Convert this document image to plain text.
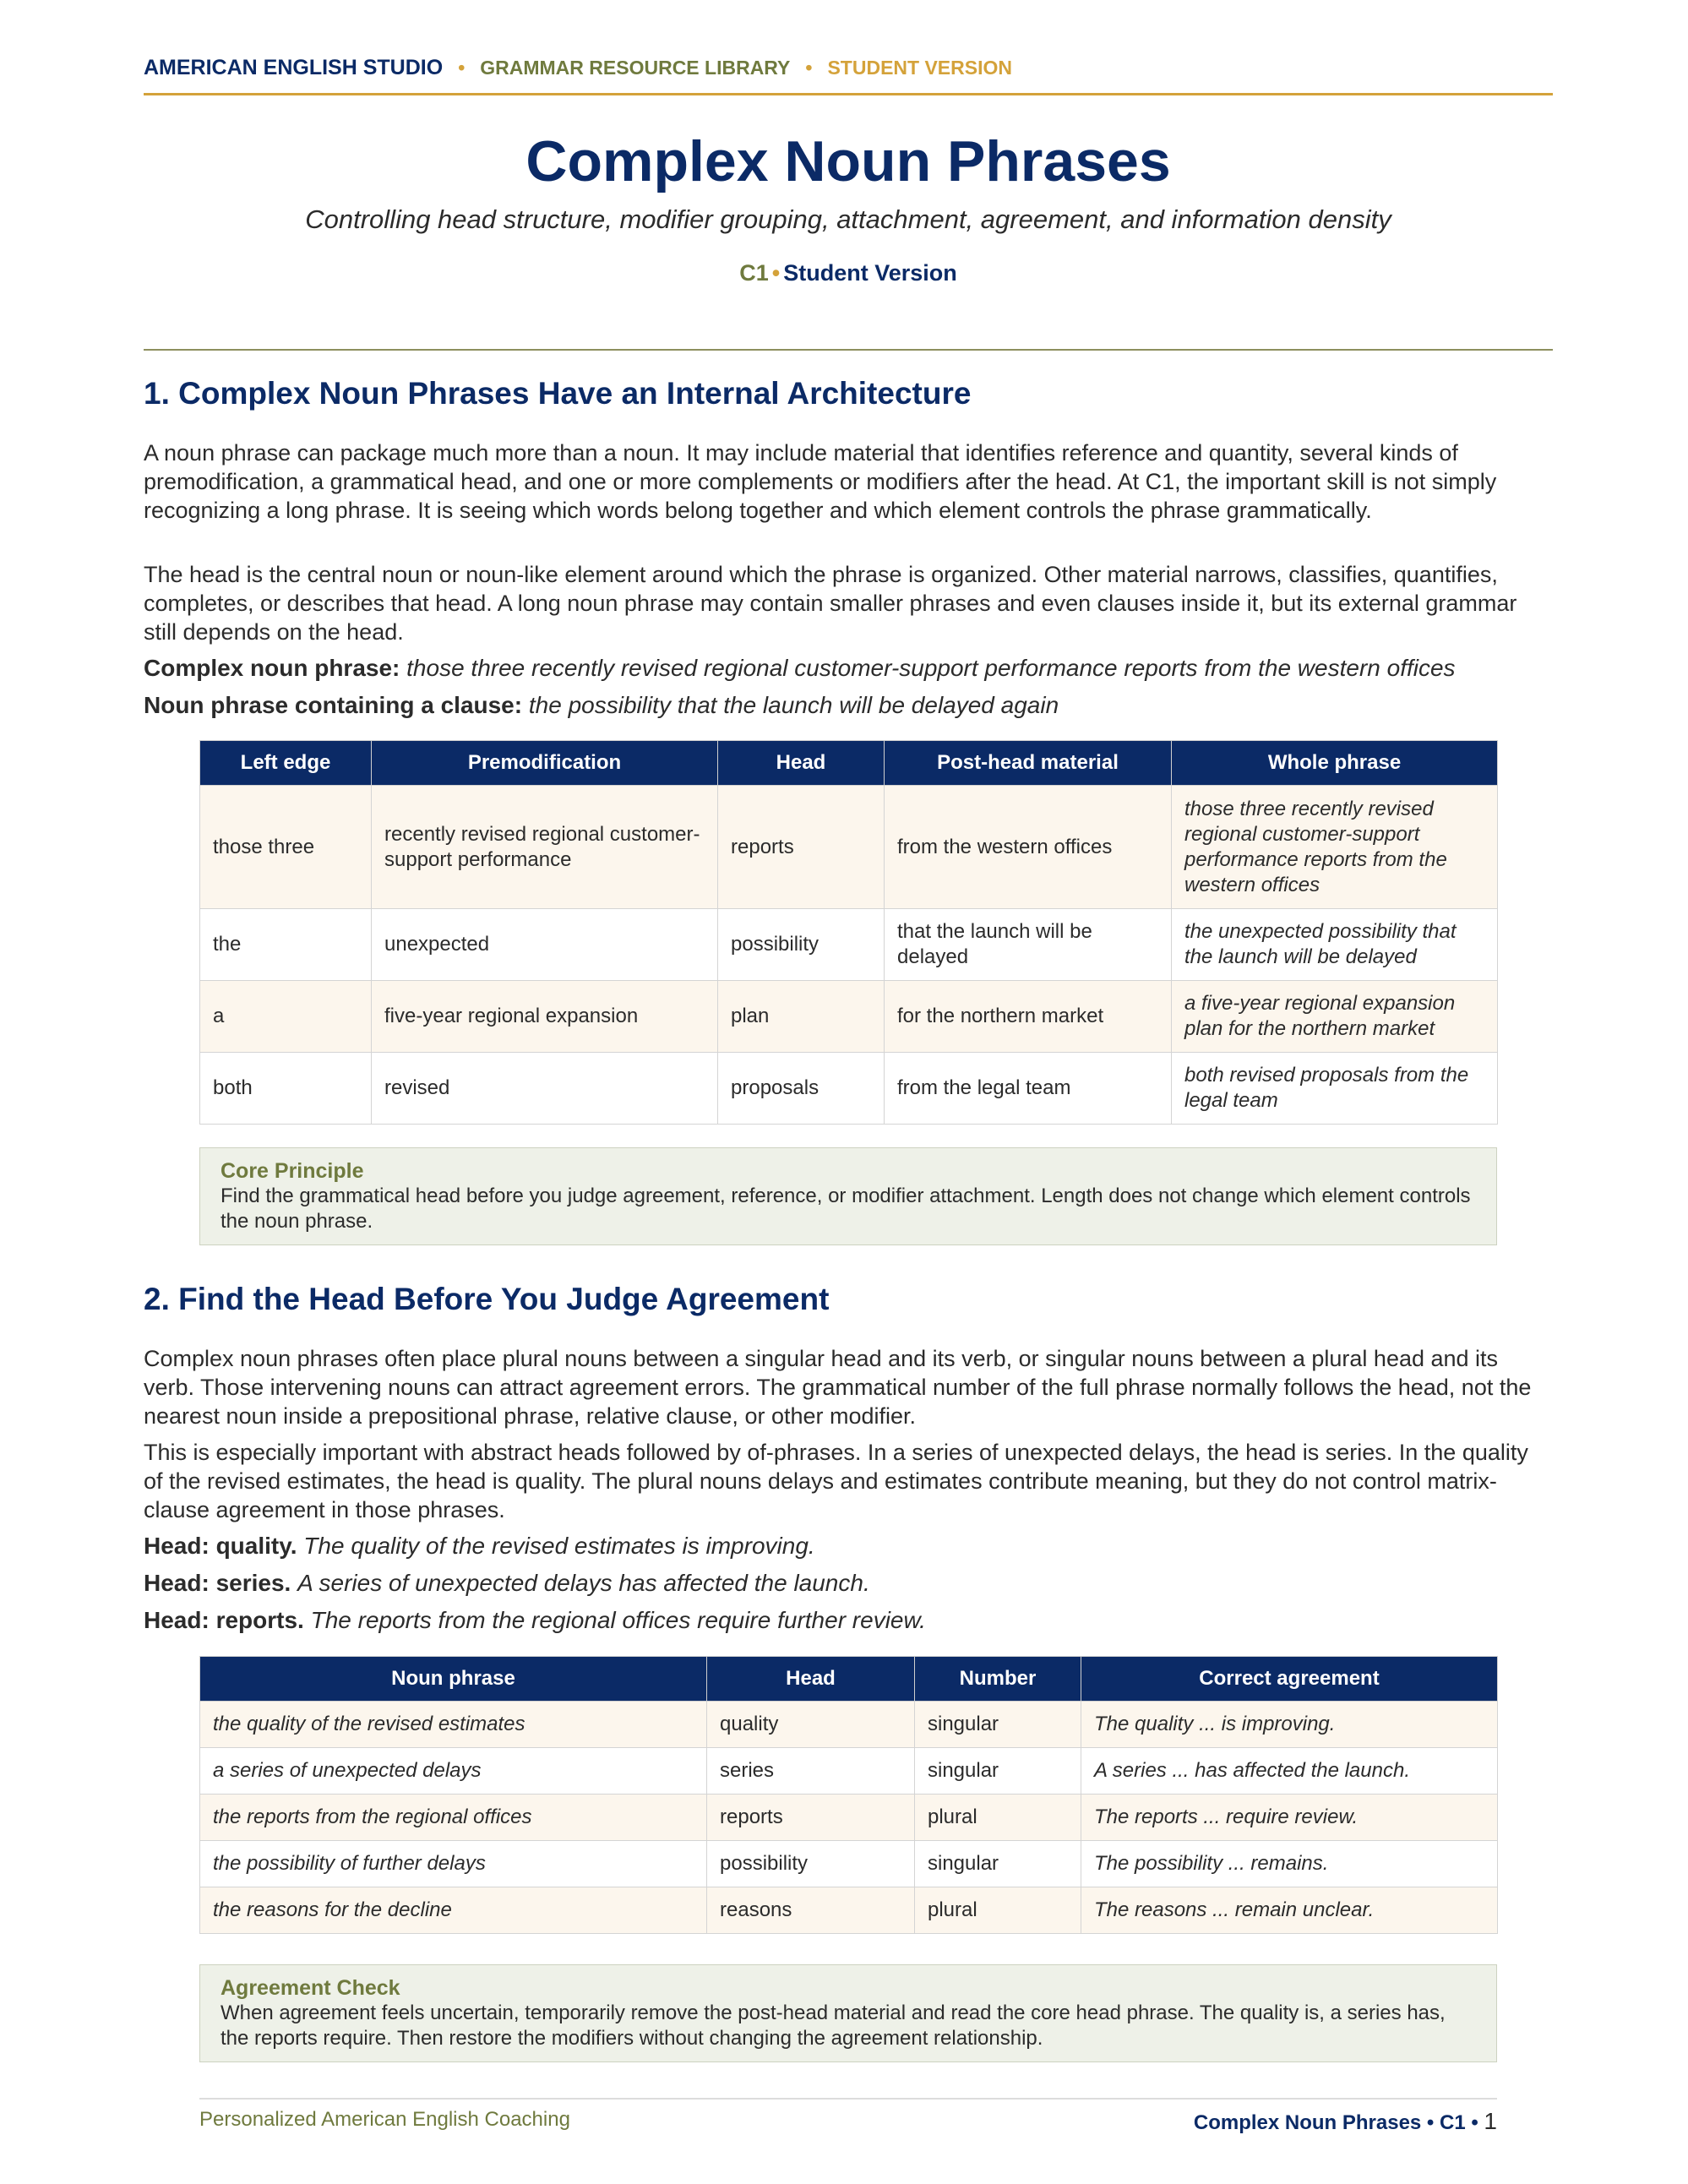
AMERICAN ENGLISH STUDIO • GRAMMAR RESOURCE LIBRARY • STUDENT VERSION
Complex Noun Phrases
Controlling head structure, modifier grouping, attachment, agreement, and information density
C1 • Student Version
1. Complex Noun Phrases Have an Internal Architecture

A noun phrase can package much more than a noun. It may include material that identifies reference and quantity, several kinds of premodification, a grammatical head, and one or more complements or modifiers after the head. At C1, the important skill is not simply recognizing a long phrase. It is seeing which words belong together and which element controls the phrase grammatically.

The head is the central noun or noun-like element around which the phrase is organized. Other material narrows, classifies, quantifies, completes, or describes that head. A long noun phrase may contain smaller phrases and even clauses inside it, but its external grammar still depends on the head.

Complex noun phrase: those three recently revised regional customer-support performance reports from the western offices
Noun phrase containing a clause: the possibility that the launch will be delayed again
Left edge	Premodification	Head	Post-head material	Whole phrase
those three	recently revised regional customer-support performance	reports	from the western offices	those three recently revised regional customer-support performance reports from the western offices
the	unexpected	possibility	that the launch will be delayed	the unexpected possibility that the launch will be delayed
a	five-year regional expansion	plan	for the northern market	a five-year regional expansion plan for the northern market
both	revised	proposals	from the legal team	both revised proposals from the legal team
Core Principle
Find the grammatical head before you judge agreement, reference, or modifier attachment. Length does not change which element controls the noun phrase.
2. Find the Head Before You Judge Agreement

Complex noun phrases often place plural nouns between a singular head and its verb, or singular nouns between a plural head and its verb. Those intervening nouns can attract agreement errors. The grammatical number of the full phrase normally follows the head, not the nearest noun inside a prepositional phrase, relative clause, or other modifier.

This is especially important with abstract heads followed by of-phrases. In a series of unexpected delays, the head is series. In the quality of the revised estimates, the head is quality. The plural nouns delays and estimates contribute meaning, but they do not control matrix-clause agreement in those phrases.

Head: quality. The quality of the revised estimates is improving.
Head: series. A series of unexpected delays has affected the launch.
Head: reports. The reports from the regional offices require further review.
Noun phrase	Head	Number	Correct agreement
the quality of the revised estimates	quality	singular	The quality ... is improving.
a series of unexpected delays	series	singular	A series ... has affected the launch.
the reports from the regional offices	reports	plural	The reports ... require review.
the possibility of further delays	possibility	singular	The possibility ... remains.
the reasons for the decline	reasons	plural	The reasons ... remain unclear.
Agreement Check
When agreement feels uncertain, temporarily remove the post-head material and read the core head phrase. The quality is, a series has, the reports require. Then restore the modifiers without changing the agreement relationship.
Personalized American English Coaching	Complex Noun Phrases • C1 • 1
